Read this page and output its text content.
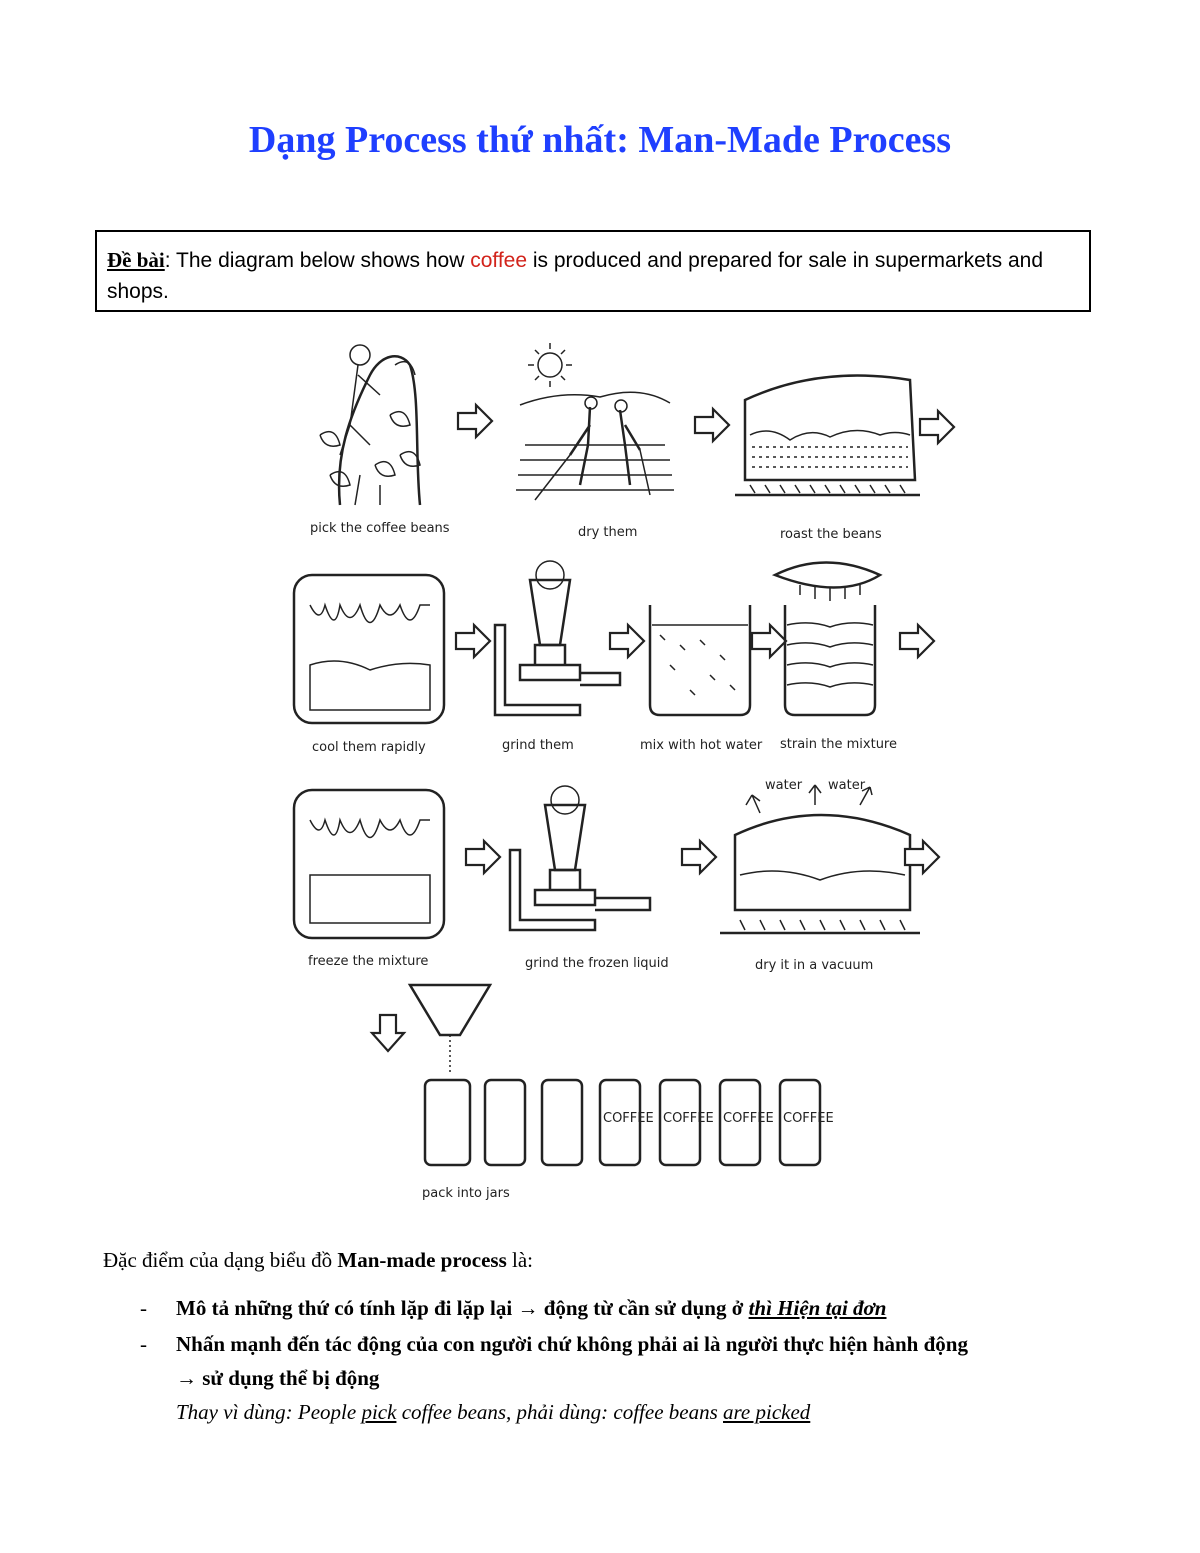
Dạng Process thứ nhất: Man-Made Process
Đề bài: The diagram below shows how coffee is produced and prepared for sale in supermarkets and shops.
pick the coffee beans	dry them	roast the beans
cool them rapidly	grind them	mix with hot water strain the mixture
freeze the mixture	grind the frozen liquid
water water
dry it in a vacuum
COFFEE COFFEE COFFEE COFFEE
pack into jars
Đặc điểm của dạng biểu đồ Man-made process là:
- Mô tả những thứ có tính lặp đi lặp lại → động từ cần sử dụng ở thì Hiện tại đơn
- Nhấn mạnh đến tác động của con người chứ không phải ai là người thực hiện hành động
→ sử dụng thể bị động
Thay vì dùng: People pick coffee beans, phải dùng: coffee beans are picked
